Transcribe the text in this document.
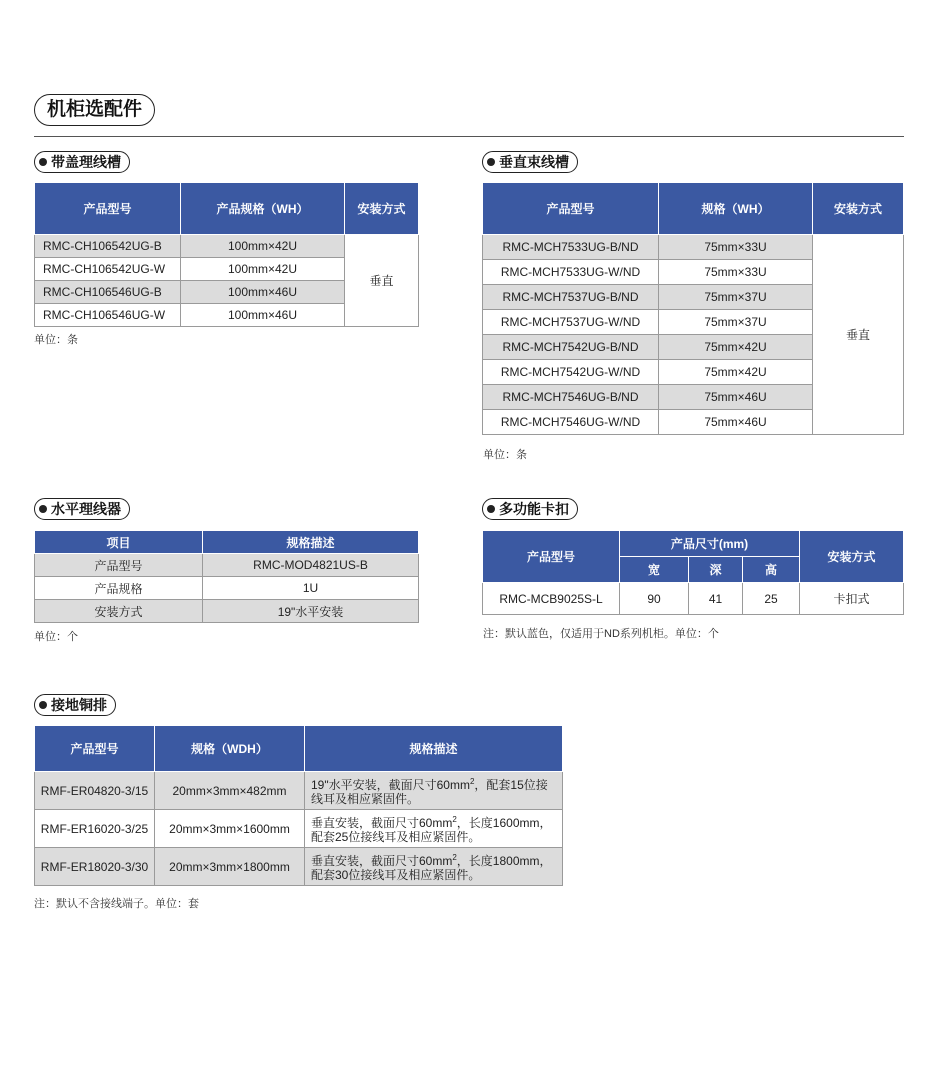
机柜选配件
带盖理线槽
产品型号	产品规格（WH）	安装方式
RMC-CH106542UG-B	100mm×42U	垂直
RMC-CH106542UG-W	100mm×42U	
RMC-CH106546UG-B	100mm×46U	
RMC-CH106546UG-W	100mm×46U	
单位：条
垂直束线槽
产品型号	规格（WH）	安装方式
RMC-MCH7533UG-B/ND	75mm×33U	垂直
RMC-MCH7533UG-W/ND	75mm×33U	
RMC-MCH7537UG-B/ND	75mm×37U	
RMC-MCH7537UG-W/ND	75mm×37U	
RMC-MCH7542UG-B/ND	75mm×42U	
RMC-MCH7542UG-W/ND	75mm×42U	
RMC-MCH7546UG-B/ND	75mm×46U	
RMC-MCH7546UG-W/ND	75mm×46U	
单位：条
水平理线器
项目	规格描述
产品型号	RMC-MOD4821US-B
产品规格	1U
安装方式	19"水平安装
单位：个
多功能卡扣
产品型号	产品尺寸(mm)			安装方式
	宽	深	高	
RMC-MCB9025S-L	90	41	25	卡扣式
注：默认蓝色，仅适用于ND系列机柜。单位：个
接地铜排
产品型号	规格（WDH）	规格描述
RMF-ER04820-3/15	20mm×3mm×482mm	19"水平安装，截面尺寸$60mm^2$，配套15位接线耳及相应紧固件。
RMF-ER16020-3/25	20mm×3mm×1600mm	垂直安装，截面尺寸$60mm^2$，长度1600mm，配套25位接线耳及相应紧固件。
RMF-ER18020-3/30	20mm×3mm×1800mm	垂直安装，截面尺寸$60mm^2$，长度1800mm，配套30位接线耳及相应紧固件。
注：默认不含接线端子。单位：套
